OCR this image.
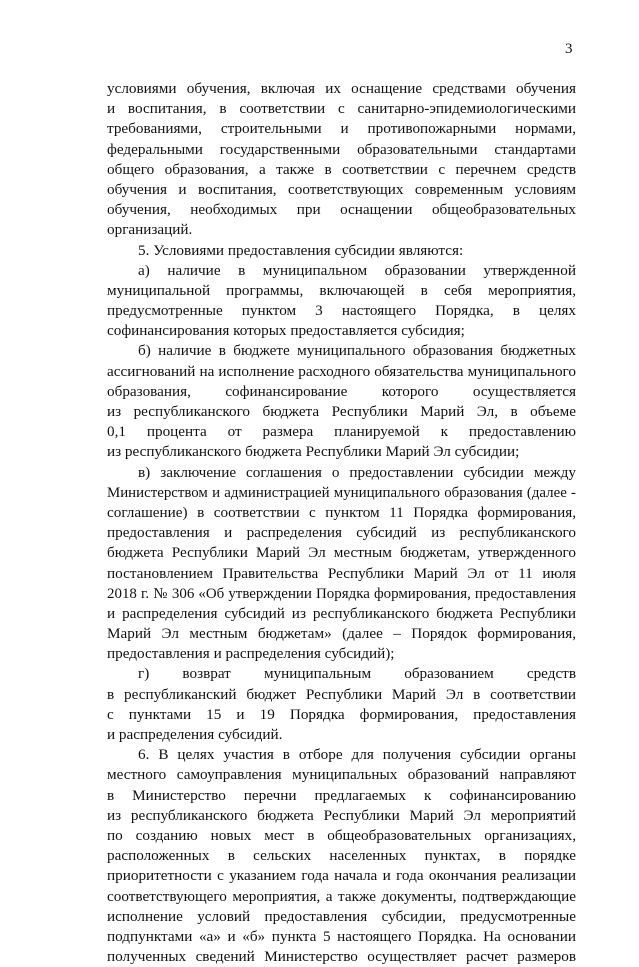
3
условиями обучения, включая их оснащение средствами обучения
и воспитания, в соответствии с санитарно-эпидемиологическими
требованиями, строительными и противопожарными нормами,
федеральными государственными образовательными стандартами
общего образования, а также в соответствии с перечнем средств
обучения и воспитания, соответствующих современным условиям
обучения, необходимых при оснащении общеобразовательных
организаций.
5. Условиями предоставления субсидии являются:
а) наличие в муниципальном образовании утвержденной
муниципальной программы, включающей в себя мероприятия,
предусмотренные пунктом 3 настоящего Порядка, в целях
софинансирования которых предоставляется субсидия;
б) наличие в бюджете муниципального образования бюджетных
ассигнований на исполнение расходного обязательства муниципального
образования, софинансирование которого осуществляется
из республиканского бюджета Республики Марий Эл, в объеме
0,1 процента от размера планируемой к предоставлению
из республиканского бюджета Республики Марий Эл субсидии;
в) заключение соглашения о предоставлении субсидии между
Министерством и администрацией муниципального образования (далее -
соглашение) в соответствии с пунктом 11 Порядка формирования,
предоставления и распределения субсидий из республиканского
бюджета Республики Марий Эл местным бюджетам, утвержденного
постановлением Правительства Республики Марий Эл от 11 июля
2018 г. № 306 «Об утверждении Порядка формирования, предоставления
и распределения субсидий из республиканского бюджета Республики
Марий Эл местным бюджетам» (далее – Порядок формирования,
предоставления и распределения субсидий);
г) возврат муниципальным образованием средств
в республиканский бюджет Республики Марий Эл в соответствии
с пунктами 15 и 19 Порядка формирования, предоставления
и распределения субсидий.
6. В целях участия в отборе для получения субсидии органы
местного самоуправления муниципальных образований направляют
в Министерство перечни предлагаемых к софинансированию
из республиканского бюджета Республики Марий Эл мероприятий
по созданию новых мест в общеобразовательных организациях,
расположенных в сельских населенных пунктах, в порядке
приоритетности с указанием года начала и года окончания реализации
соответствующего мероприятия, а также документы, подтверждающие
исполнение условий предоставления субсидии, предусмотренные
подпунктами «а» и «б» пункта 5 настоящего Порядка. На основании
полученных сведений Министерство осуществляет расчет размеров
